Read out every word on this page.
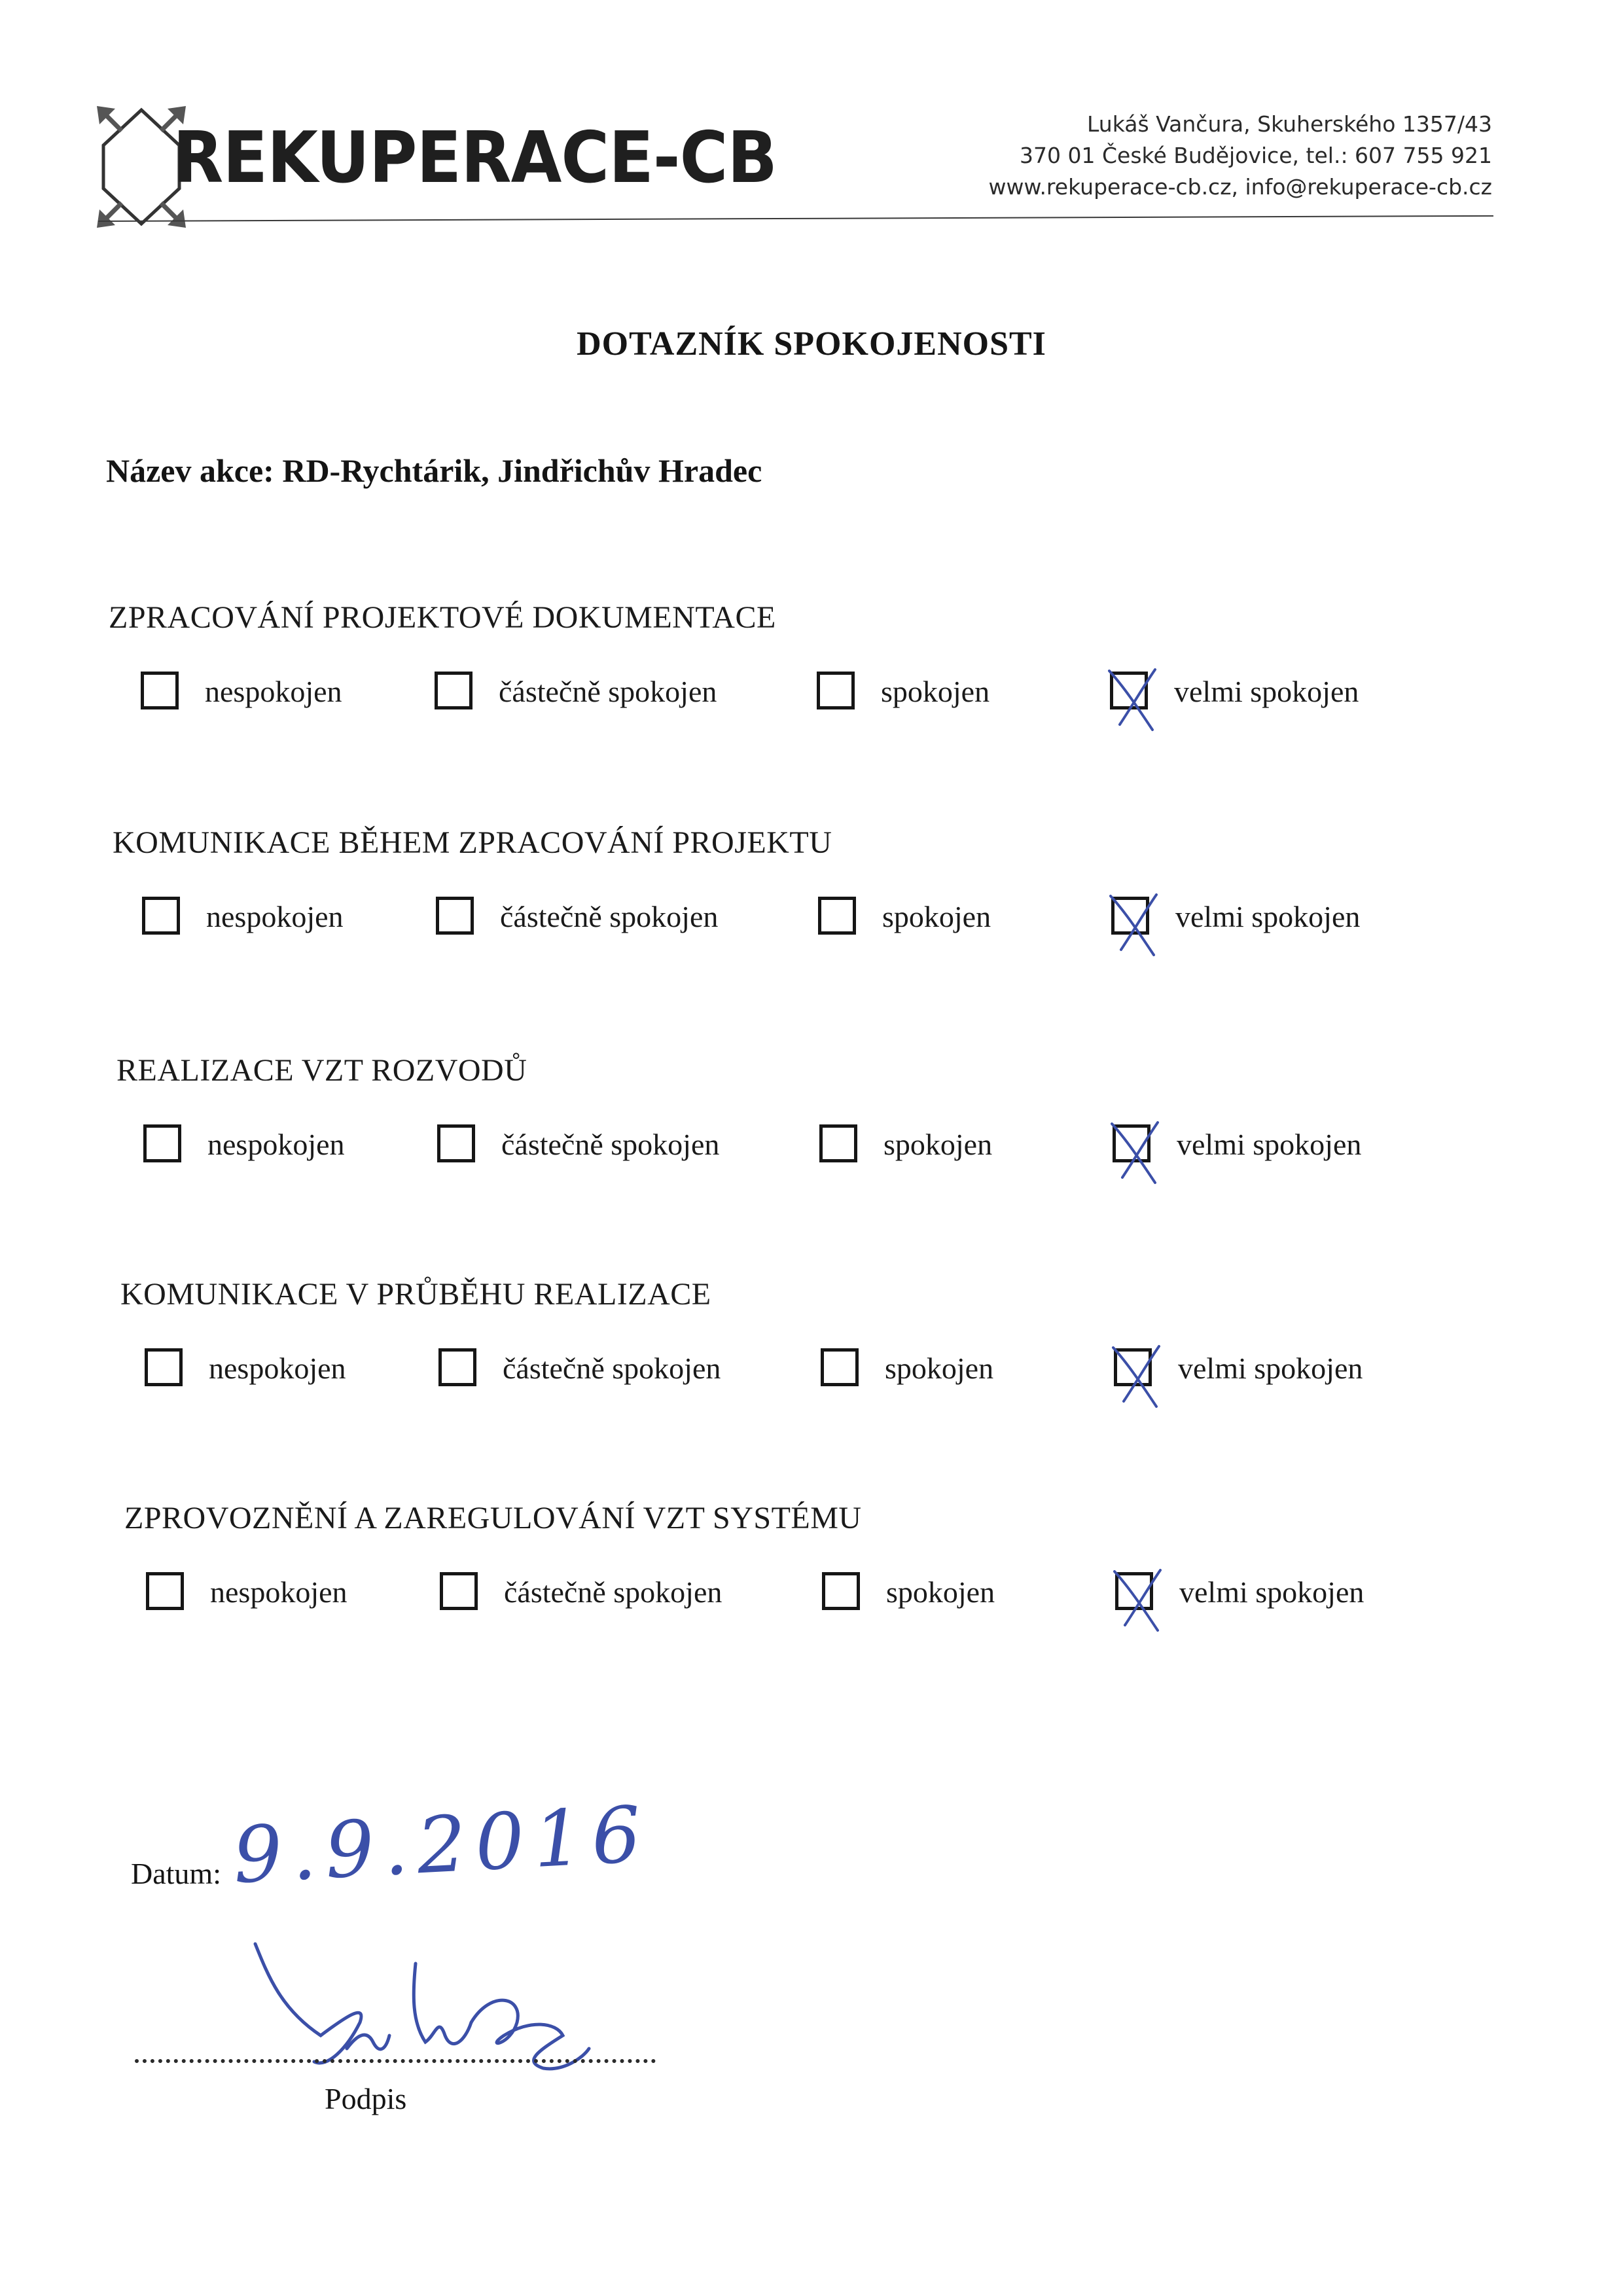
REKUPERACE-CB	Lukáš Vančura, Skuherského 1357/43
370 01 České Budějovice, tel.: 607 755 921
www.rekuperace-cb.cz, info@rekuperace-cb.cz
DOTAZNÍK SPOKOJENOSTI
Název akce: RD-Rychtárik, Jindřichův Hradec
ZPRACOVÁNÍ PROJEKTOVÉ DOKUMENTACE
nespokojen	částečně spokojen	spokojen	velmi spokojen
KOMUNIKACE BĚHEM ZPRACOVÁNÍ PROJEKTU
nespokojen	částečně spokojen	spokojen	velmi spokojen
REALIZACE VZT ROZVODŮ
nespokojen	částečně spokojen	spokojen	velmi spokojen
KOMUNIKACE V PRŮBĚHU REALIZACE
nespokojen	částečně spokojen	spokojen	velmi spokojen
ZPROVOZNĚNÍ A ZAREGULOVÁNÍ VZT SYSTÉMU
nespokojen	částečně spokojen	spokojen	velmi spokojen
Datum: 9.9.2016
Podpis
